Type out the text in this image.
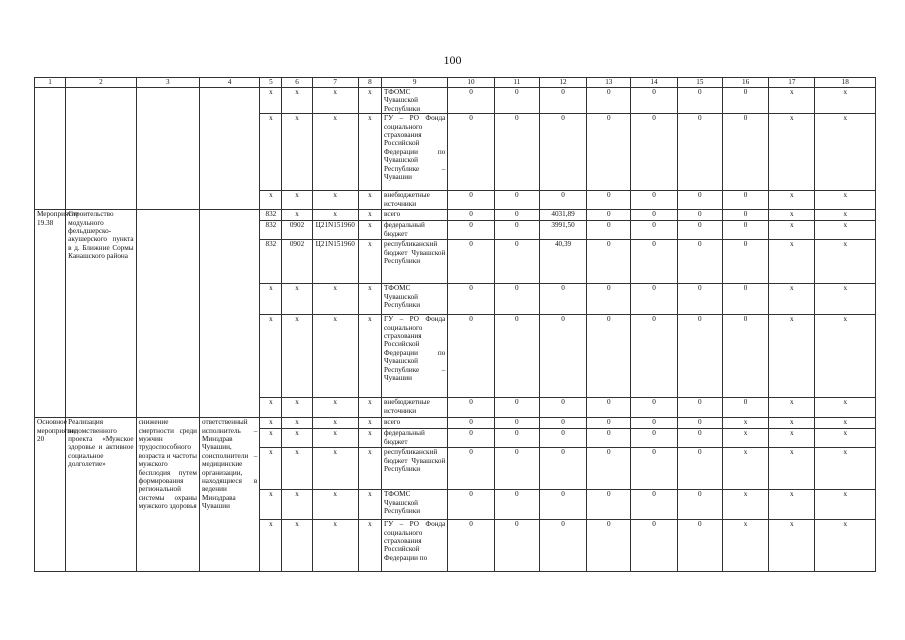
100
1	2	3	4	5	6	7	8	9	10	11	12	13	14	15	16	17	18
				х	х	х	х	ТФОМС Чувашской Республики	0	0	0	0	0	0	0	х	х
				х	х	х	х	ГУ – РО Фонда социального страхования Российской Федерации по Чувашской Республике – Чувашии	0	0	0	0	0	0	0	х	х
				х	х	х	х	внебюджетные источники	0	0	0	0	0	0	0	х	х
Мероприятие 19.38	Строительство модульного фельдшерско-акушерского пункта в д. Ближние Сормы Канашского района			832	х	х	х	всего	0	0	4031,89	0	0	0	0	х	х
				832	0902	Ц21N151960	х	федеральный бюджет	0	0	3991,50	0	0	0	0	х	х
				832	0902	Ц21N151960	х	республиканский бюджет Чувашской Республики	0	0	40,39	0	0	0	0	х	х
				х	х	х	х	ТФОМС Чувашской Республики	0	0	0	0	0	0	0	х	х
				х	х	х	х	ГУ – РО Фонда социального страхования Российской Федерации по Чувашской Республике – Чувашии	0	0	0	0	0	0	0	х	х
				х	х	х	х	внебюджетные источники	0	0	0	0	0	0	0	х	х
Основное мероприятие 20	Реализация ведомственного проекта «Мужское здоровье и активное социальное долголетие»	снижение смертности среди мужчин трудоспособного возраста и частоты мужского бесплодия путем формирования региональной системы охраны мужского здоровья	ответственный исполнитель – Минздрав Чувашии, соисполнители – медицинские организации, находящиеся в ведении Минздрава Чувашии	х	х	х	х	всего	0	0	0	0	0	0	х	х	х
				х	х	х	х	федеральный бюджет	0	0	0	0	0	0	х	х	х
				х	х	х	х	республиканский бюджет Чувашской Республики	0	0	0	0	0	0	х	х	х
				х	х	х	х	ТФОМС Чувашской Республики	0	0	0	0	0	0	х	х	х
				х	х	х	х	ГУ – РО Фонда социального страхования Российской Федерации по	0	0	0	0	0	0	х	х	х
